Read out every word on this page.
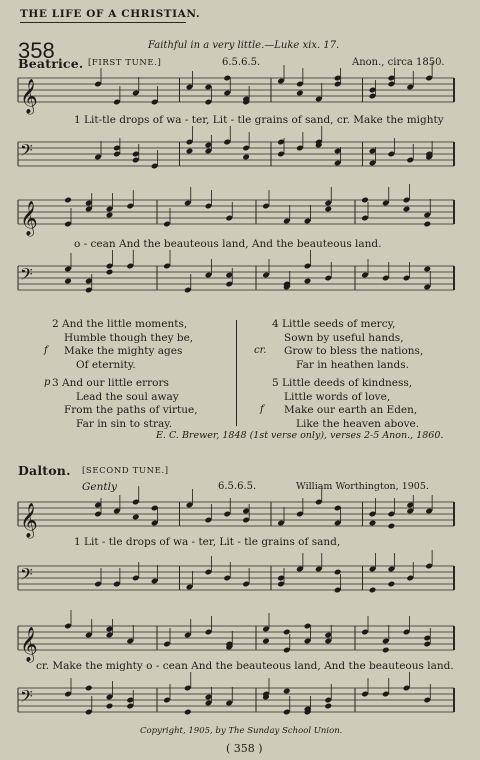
THE LIFE OF A CHRISTIAN.
358	Faithful in a very little.—Luke xix. 17.
Beatrice. [FIRST TUNE.]	6.5.6.5.	Anon., circa 1850.
𝄞
1 Lit-tle drops of wa - ter, Lit - tle grains of sand, cr. Make the mighty
𝄢
𝄞
o - cean And the beauteous land, And the beauteous land.
𝄢
f
2 And the little moments,
Humble though they be,
Make the mighty ages
Of eternity.
p 3 And our little errors
Lead the soul away
From the paths of virtue,
Far in sin to stray.
cr.
4 Little seeds of mercy,
Sown by useful hands,
Grow to bless the nations,
Far in heathen lands.
f
5 Little deeds of kindness,
Little words of love,
Make our earth an Eden,
Like the heaven above.
E. C. Brewer, 1848 (1st verse only), verses 2-5 Anon., 1860.
Dalton. [SECOND TUNE.]
Gently	6.5.6.5.	William Worthington, 1905.
𝄞
1 Lit - tle drops of wa - ter, Lit - tle grains of sand,
𝄢
𝄞
cr. Make the mighty o - cean And the beauteous land, And the beauteous land.
𝄢
Copyright, 1905, by The Sunday School Union.
( 358 )
